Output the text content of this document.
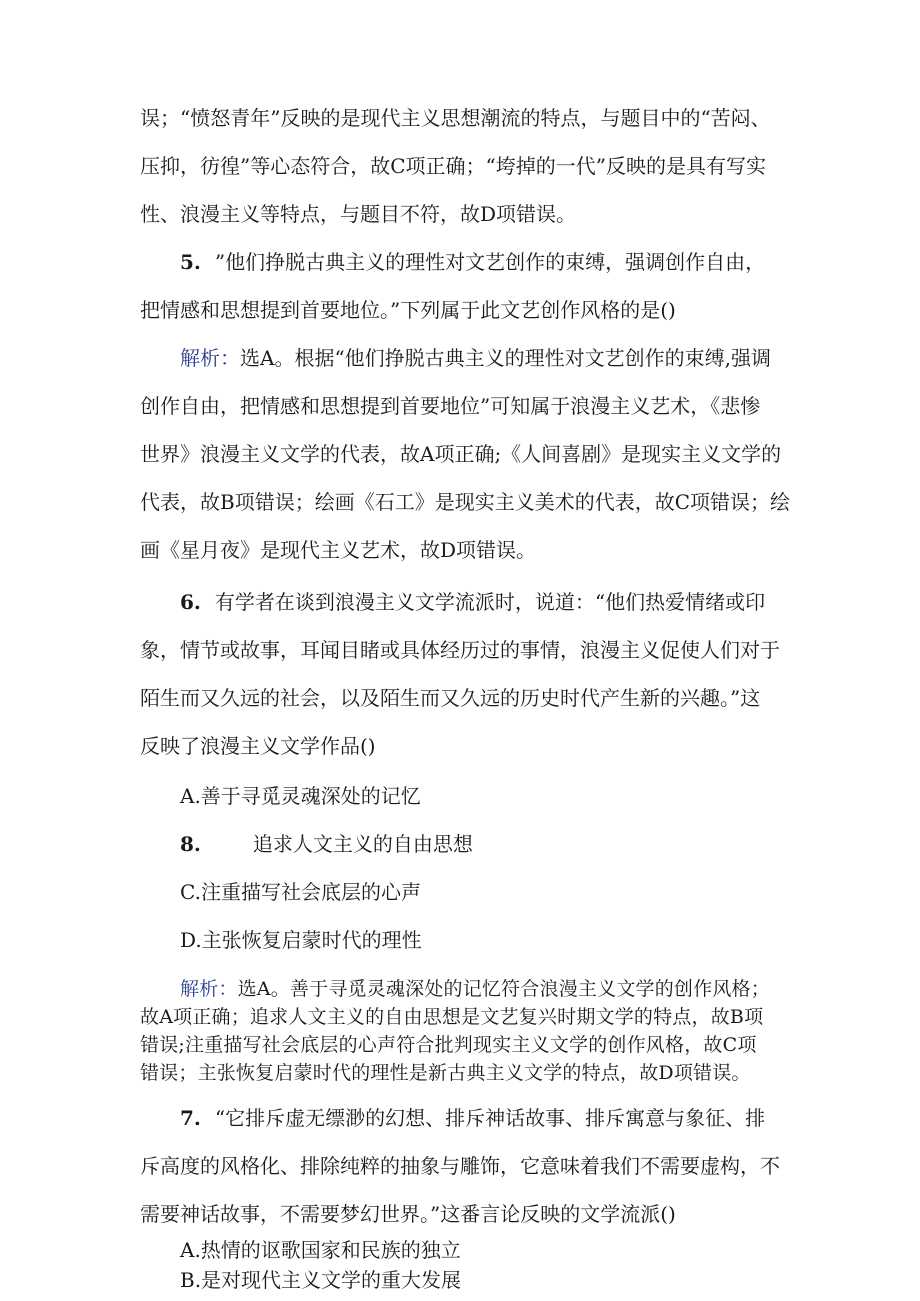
误；“愤怒青年”反映的是现代主义思想潮流的特点，与题目中的“苦闷、
压抑，彷徨”等心态符合，故C项正确；“垮掉的一代”反映的是具有写实
性、浪漫主义等特点，与题目不符，故D项错误。
5. ”他们挣脱古典主义的理性对文艺创作的束缚，强调创作自由，
把情感和思想提到首要地位。”下列属于此文艺创作风格的是()
解析：选A。根据“他们挣脱古典主义的理性对文艺创作的束缚,强调
创作自由，把情感和思想提到首要地位”可知属于浪漫主义艺术，《悲惨
世界》浪漫主义文学的代表，故A项正确;《人间喜剧》是现实主义文学的
代表，故B项错误；绘画《石工》是现实主义美术的代表，故C项错误；绘
画《星月夜》是现代主义艺术，故D项错误。
6. 有学者在谈到浪漫主义文学流派时，说道：“他们热爱情绪或印
象，情节或故事，耳闻目睹或具体经历过的事情，浪漫主义促使人们对于
陌生而又久远的社会，以及陌生而又久远的历史时代产生新的兴趣。”这
反映了浪漫主义文学作品()
A.善于寻觅灵魂深处的记忆
8.	追求人文主义的自由思想
C.注重描写社会底层的心声
D.主张恢复启蒙时代的理性
解析：选A。善于寻觅灵魂深处的记忆符合浪漫主义文学的创作风格；
故A项正确；追求人文主义的自由思想是文艺复兴时期文学的特点，故B项
错误;注重描写社会底层的心声符合批判现实主义文学的创作风格，故C项
错误；主张恢复启蒙时代的理性是新古典主义文学的特点，故D项错误。
7. “它排斥虚无缥渺的幻想、排斥神话故事、排斥寓意与象征、排
斥高度的风格化、排除纯粹的抽象与雕饰，它意味着我们不需要虚构，不
需要神话故事，不需要梦幻世界。”这番言论反映的文学流派()
A.热情的讴歌国家和民族的独立
B.是对现代主义文学的重大发展
